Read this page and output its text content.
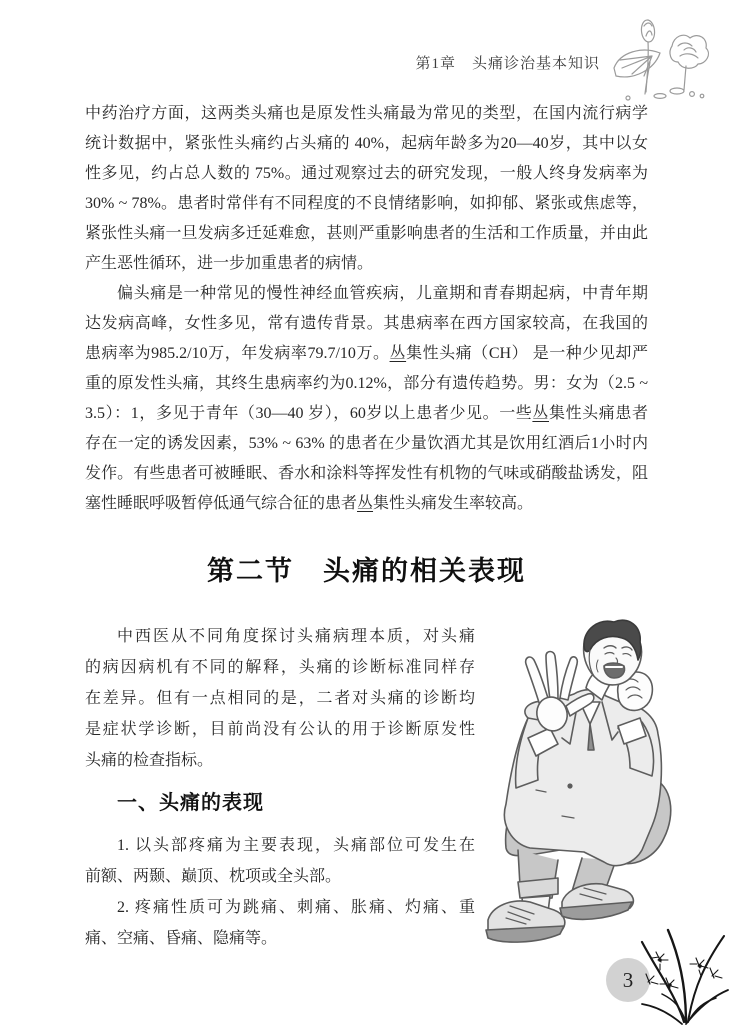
第1章　头痛诊治基本知识
中药治疗方面，这两类头痛也是原发性头痛最为常见的类型，在国内流行病学
统计数据中，紧张性头痛约占头痛的 40%，起病年龄多为20—40岁，其中以女
性多见，约占总人数的 75%。通过观察过去的研究发现，一般人终身发病率为
30% ~ 78%。患者时常伴有不同程度的不良情绪影响，如抑郁、紧张或焦虑等，
紧张性头痛一旦发病多迁延难愈，甚则严重影响患者的生活和工作质量，并由此
产生恶性循环，进一步加重患者的病情。
偏头痛是一种常见的慢性神经血管疾病，儿童期和青春期起病，中青年期
达发病高峰，女性多见，常有遗传背景。其患病率在西方国家较高，在我国的
患病率为985.2/10万，年发病率79.7/10万。丛集性头痛（CH） 是一种少见却严
重的原发性头痛，其终生患病率约为0.12%，部分有遗传趋势。男：女为（2.5 ~
3.5）：1，多见于青年（30—40 岁），60岁以上患者少见。一些丛集性头痛患者
存在一定的诱发因素，53% ~ 63% 的患者在少量饮酒尤其是饮用红酒后1小时内
发作。有些患者可被睡眠、香水和涂料等挥发性有机物的气味或硝酸盐诱发，阻
塞性睡眠呼吸暂停低通气综合征的患者丛集性头痛发生率较高。
第二节　头痛的相关表现
中西医从不同角度探讨头痛病理本质，对头痛
的病因病机有不同的解释，头痛的诊断标准同样存
在差异。但有一点相同的是，二者对头痛的诊断均
是症状学诊断，目前尚没有公认的用于诊断原发性
头痛的检查指标。
一、头痛的表现
1. 以头部疼痛为主要表现，头痛部位可发生在
前额、两颞、巅顶、枕项或全头部。
2. 疼痛性质可为跳痛、刺痛、胀痛、灼痛、重
痛、空痛、昏痛、隐痛等。
3
